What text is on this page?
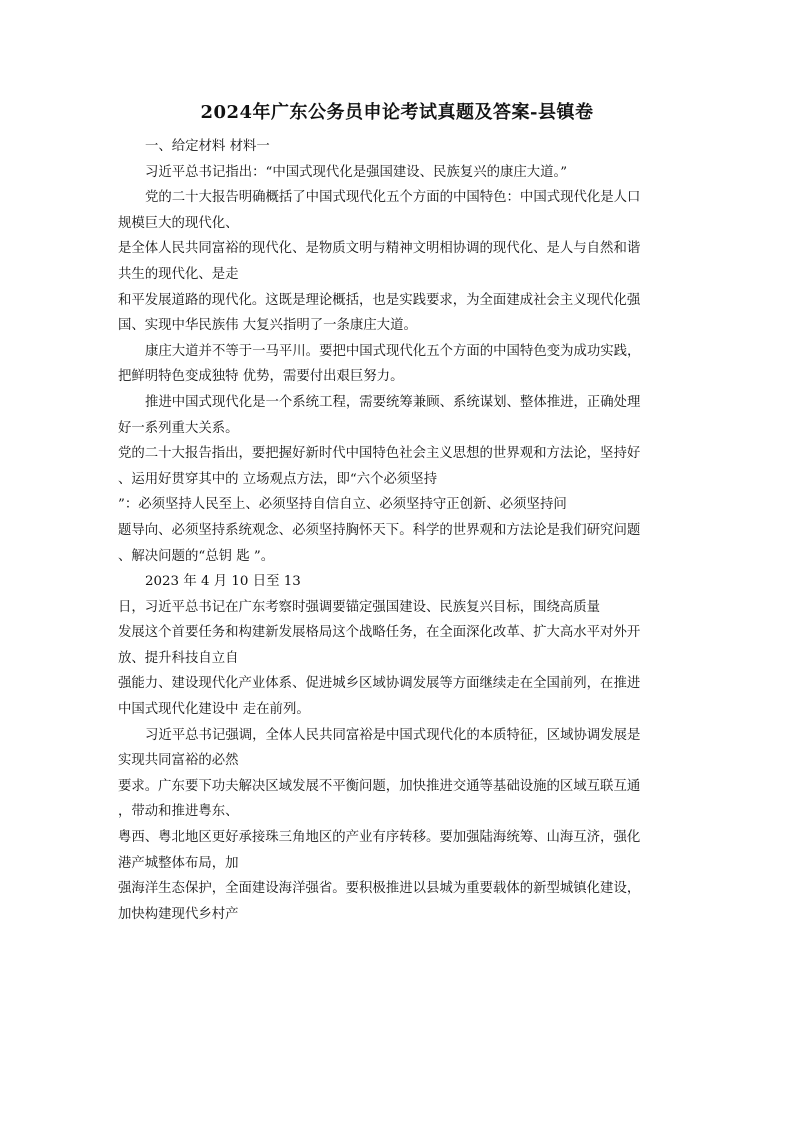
2024年广东公务员申论考试真题及答案-县镇卷
一、给定材料 材料一
习近平总书记指出：“中国式现代化是强国建设、民族复兴的康庄大道。”
党的二十大报告明确概括了中国式现代化五个方面的中国特色：中国式现代化是人口
规模巨大的现代化、
是全体人民共同富裕的现代化、是物质文明与精神文明相协调的现代化、是人与自然和谐
共生的现代化、是走
和平发展道路的现代化。这既是理论概括，也是实践要求，为全面建成社会主义现代化强
国、实现中华民族伟 大复兴指明了一条康庄大道。
康庄大道并不等于一马平川。要把中国式现代化五个方面的中国特色变为成功实践，
把鲜明特色变成独特 优势，需要付出艰巨努力。
推进中国式现代化是一个系统工程，需要统筹兼顾、系统谋划、整体推进，正确处理
好一系列重大关系。
党的二十大报告指出，要把握好新时代中国特色社会主义思想的世界观和方法论，坚持好
、运用好贯穿其中的 立场观点方法，即“六个必须坚持
”：必须坚持人民至上、必须坚持自信自立、必须坚持守正创新、必须坚持问
题导向、必须坚持系统观念、必须坚持胸怀天下。科学的世界观和方法论是我们研究问题
、解决问题的“总钥 匙 ”。
2023 年 4 月 10 日至 13
日，习近平总书记在广东考察时强调要锚定强国建设、民族复兴目标，围绕高质量
发展这个首要任务和构建新发展格局这个战略任务，在全面深化改革、扩大高水平对外开
放、提升科技自立自
强能力、建设现代化产业体系、促进城乡区域协调发展等方面继续走在全国前列，在推进
中国式现代化建设中 走在前列。
习近平总书记强调，全体人民共同富裕是中国式现代化的本质特征，区域协调发展是
实现共同富裕的必然
要求。广东要下功夫解决区域发展不平衡问题，加快推进交通等基础设施的区域互联互通
，带动和推进粤东、
粤西、粤北地区更好承接珠三角地区的产业有序转移。要加强陆海统筹、山海互济，强化
港产城整体布局，加
强海洋生态保护，全面建设海洋强省。要积极推进以县城为重要载体的新型城镇化建设，
加快构建现代乡村产
